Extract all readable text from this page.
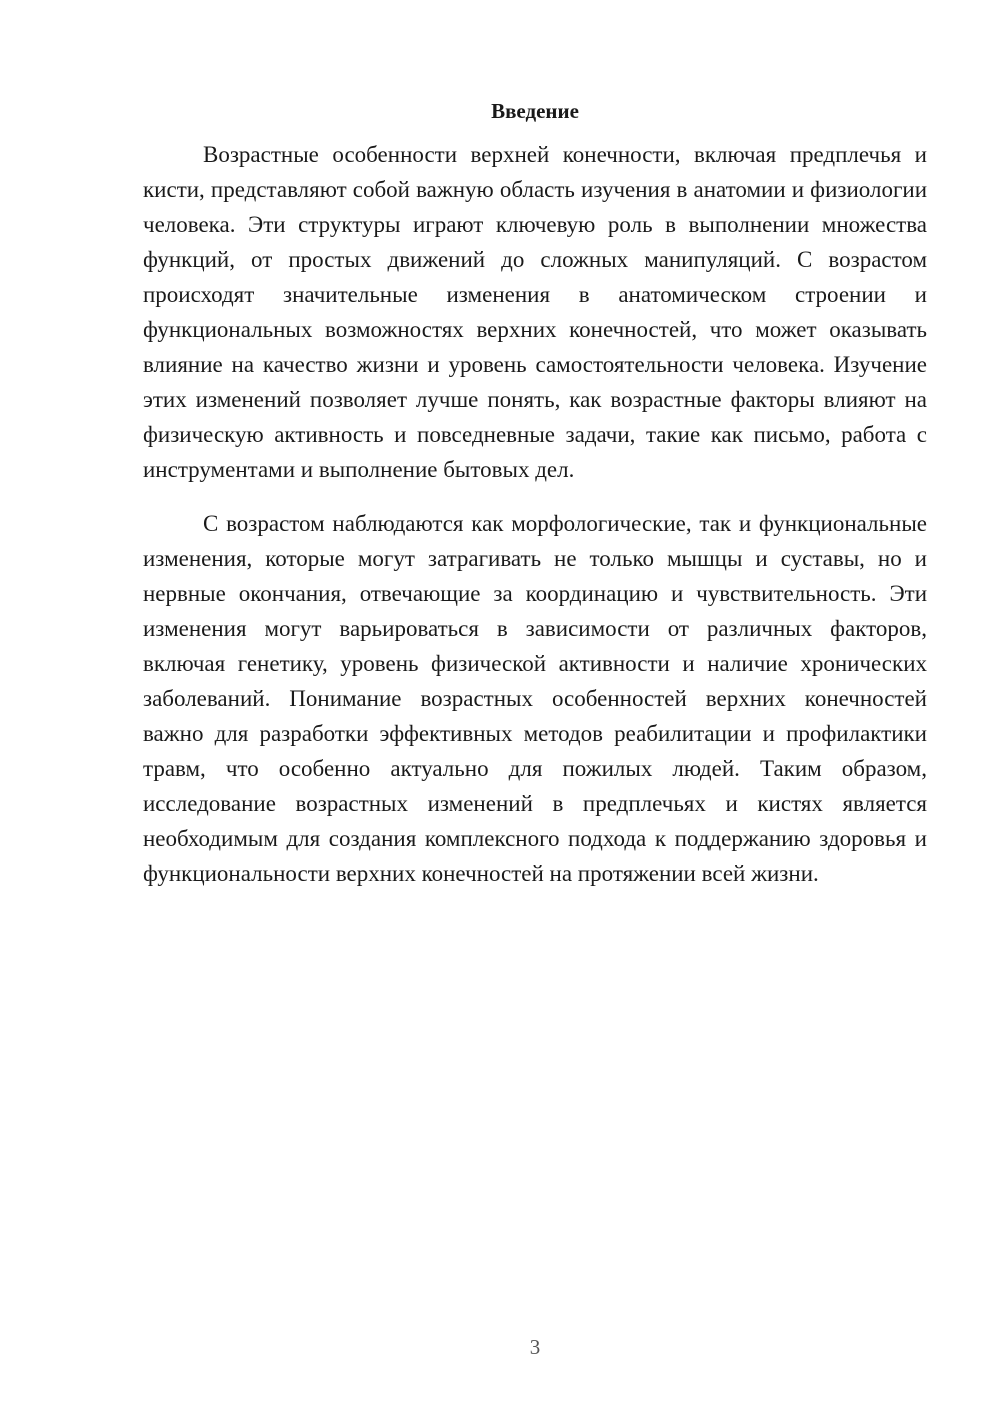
Введение

Возрастные особенности верхней конечности, включая предплечья и кисти, представляют собой важную область изучения в анатомии и физиологии человека. Эти структуры играют ключевую роль в выполнении множества функций, от простых движений до сложных манипуляций. С возрастом происходят значительные изменения в анатомическом строении и функциональных возможностях верхних конечностей, что может оказывать влияние на качество жизни и уровень самостоятельности человека. Изучение этих изменений позволяет лучше понять, как возрастные факторы влияют на физическую активность и повседневные задачи, такие как письмо, работа с инструментами и выполнение бытовых дел.

С возрастом наблюдаются как морфологические, так и функциональные изменения, которые могут затрагивать не только мышцы и суставы, но и нервные окончания, отвечающие за координацию и чувствительность. Эти изменения могут варьироваться в зависимости от различных факторов, включая генетику, уровень физической активности и наличие хронических заболеваний. Понимание возрастных особенностей верхних конечностей важно для разработки эффективных методов реабилитации и профилактики травм, что особенно актуально для пожилых людей. Таким образом, исследование возрастных изменений в предплечьях и кистях является необходимым для создания комплексного подхода к поддержанию здоровья и функциональности верхних конечностей на протяжении всей жизни.

3
